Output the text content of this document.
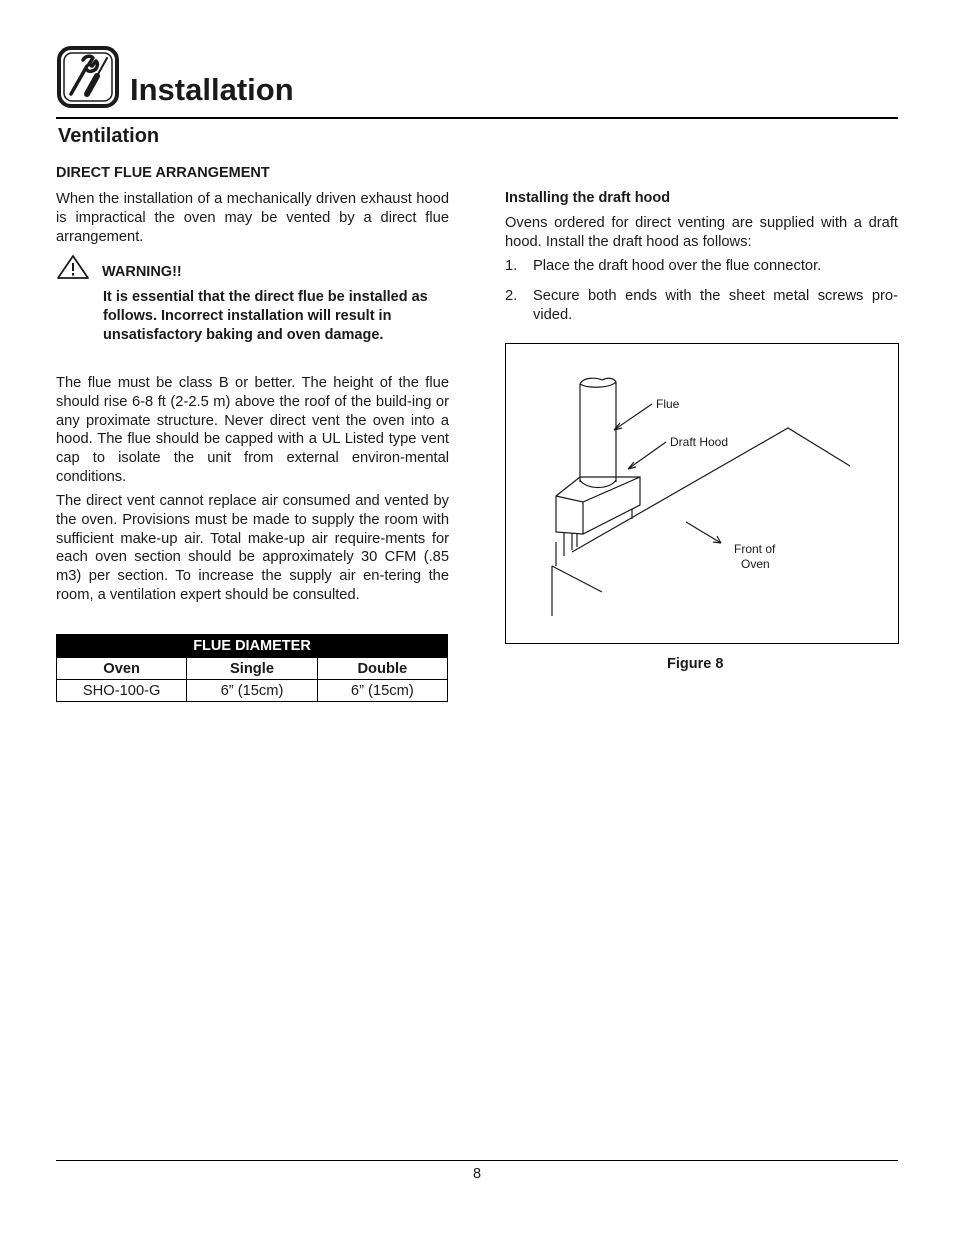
Installation
Ventilation

DIRECT FLUE ARRANGEMENT

When the installation of a mechanically driven exhaust hood is impractical the oven may be vented by a direct flue arrangement.

WARNING!!

It is essential that the direct flue be installed as follows. Incorrect installation will result in unsatisfactory baking and oven damage.

The flue must be class B or better. The height of the flue should rise 6-8 ft (2-2.5 m) above the roof of the build-ing or any proximate structure. Never direct vent the oven into a hood. The flue should be capped with a UL Listed type vent cap to isolate the unit from external environ-mental conditions.

The direct vent cannot replace air consumed and vented by the oven. Provisions must be made to supply the room with sufficient make-up air. Total make-up air require-ments for each oven section should be approximately 30 CFM (.85 m3) per section. To increase the supply air en-tering the room, a ventilation expert should be consulted.

FLUE DIAMETER		
Oven	Single	Double
SHO-100-G	6” (15cm)	6” (15cm)

Installing the draft hood

Ovens ordered for direct venting are supplied with a draft hood. Install the draft hood as follows:

1. Place the draft hood over the flue connector.
2. Secure both ends with the sheet metal screws pro-vided.
Flue
Draft Hood
Front of
Oven

Figure 8

8
